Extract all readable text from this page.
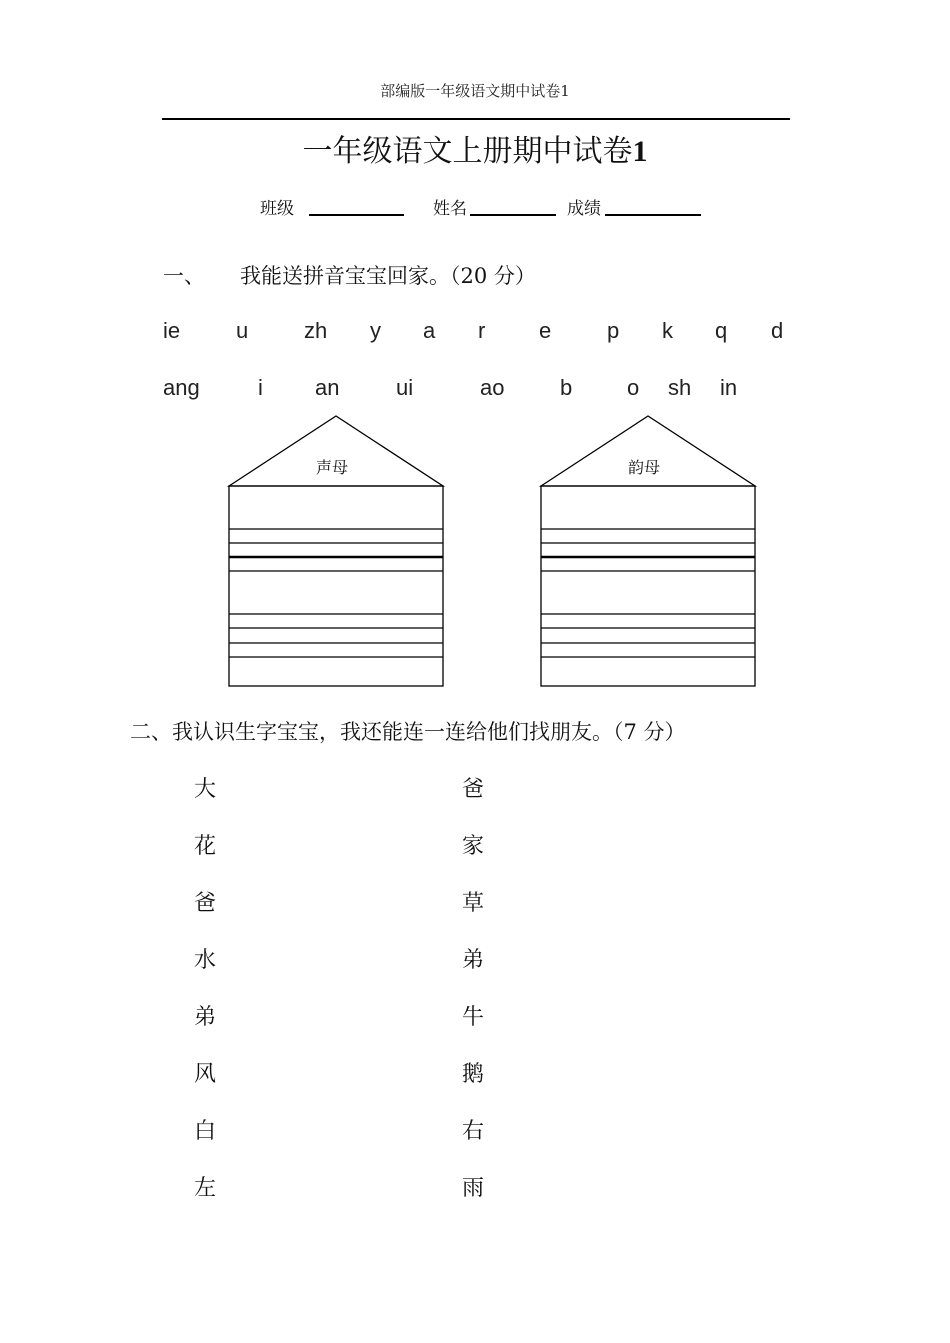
部编版一年级语文期中试卷1
一年级语文上册期中试卷1
班级	姓名	成绩
一、 我能送拼音宝宝回家。（20 分）
ie	u	zh y a r e	p k q d
ang	i an	ui	ao	b o sh in
声母	韵母
二、我认识生字宝宝，我还能连一连给他们找朋友。（7 分）
大
花
爸
水
弟
风
白
左
爸
家
草
弟
牛
鹅
右
雨
